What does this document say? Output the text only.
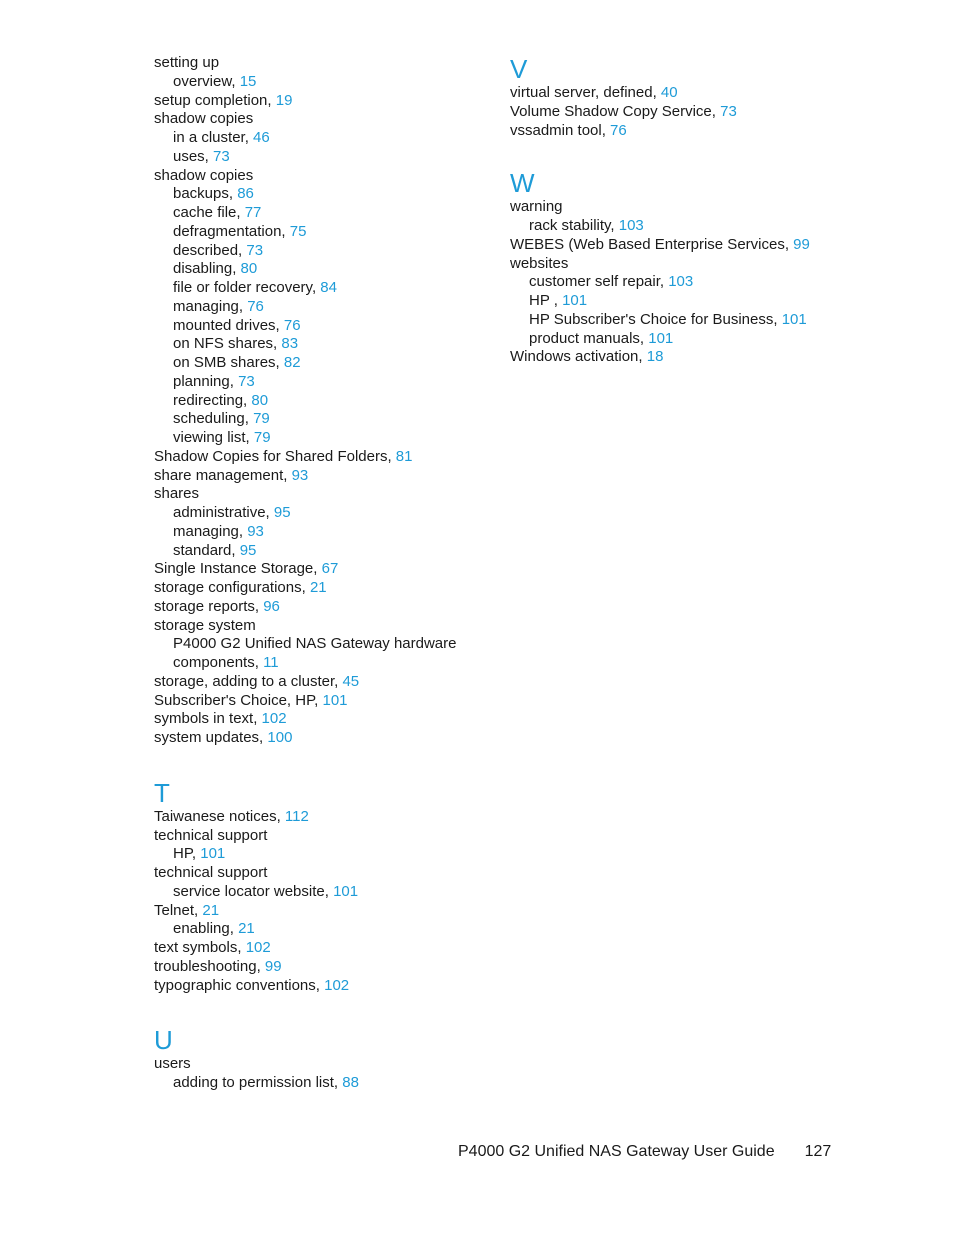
setting up
overview, 15
setup completion, 19
shadow copies
in a cluster, 46
uses, 73
shadow copies
backups, 86
cache file, 77
defragmentation, 75
described, 73
disabling, 80
file or folder recovery, 84
managing, 76
mounted drives, 76
on NFS shares, 83
on SMB shares, 82
planning, 73
redirecting, 80
scheduling, 79
viewing list, 79
Shadow Copies for Shared Folders, 81
share management, 93
shares
administrative, 95
managing, 93
standard, 95
Single Instance Storage, 67
storage configurations, 21
storage reports, 96
storage system
P4000 G2 Unified NAS Gateway hardware
components, 11
storage, adding to a cluster, 45
Subscriber's Choice, HP, 101
symbols in text, 102
system updates, 100
T
Taiwanese notices, 112
technical support
HP, 101
technical support
service locator website, 101
Telnet, 21
enabling, 21
text symbols, 102
troubleshooting, 99
typographic conventions, 102
U
users
adding to permission list, 88
V
virtual server, defined, 40
Volume Shadow Copy Service, 73
vssadmin tool, 76
W
warning
rack stability, 103
WEBES (Web Based Enterprise Services, 99
websites
customer self repair, 103
HP , 101
HP Subscriber's Choice for Business, 101
product manuals, 101
Windows activation, 18
P4000 G2 Unified NAS Gateway User Guide 127
